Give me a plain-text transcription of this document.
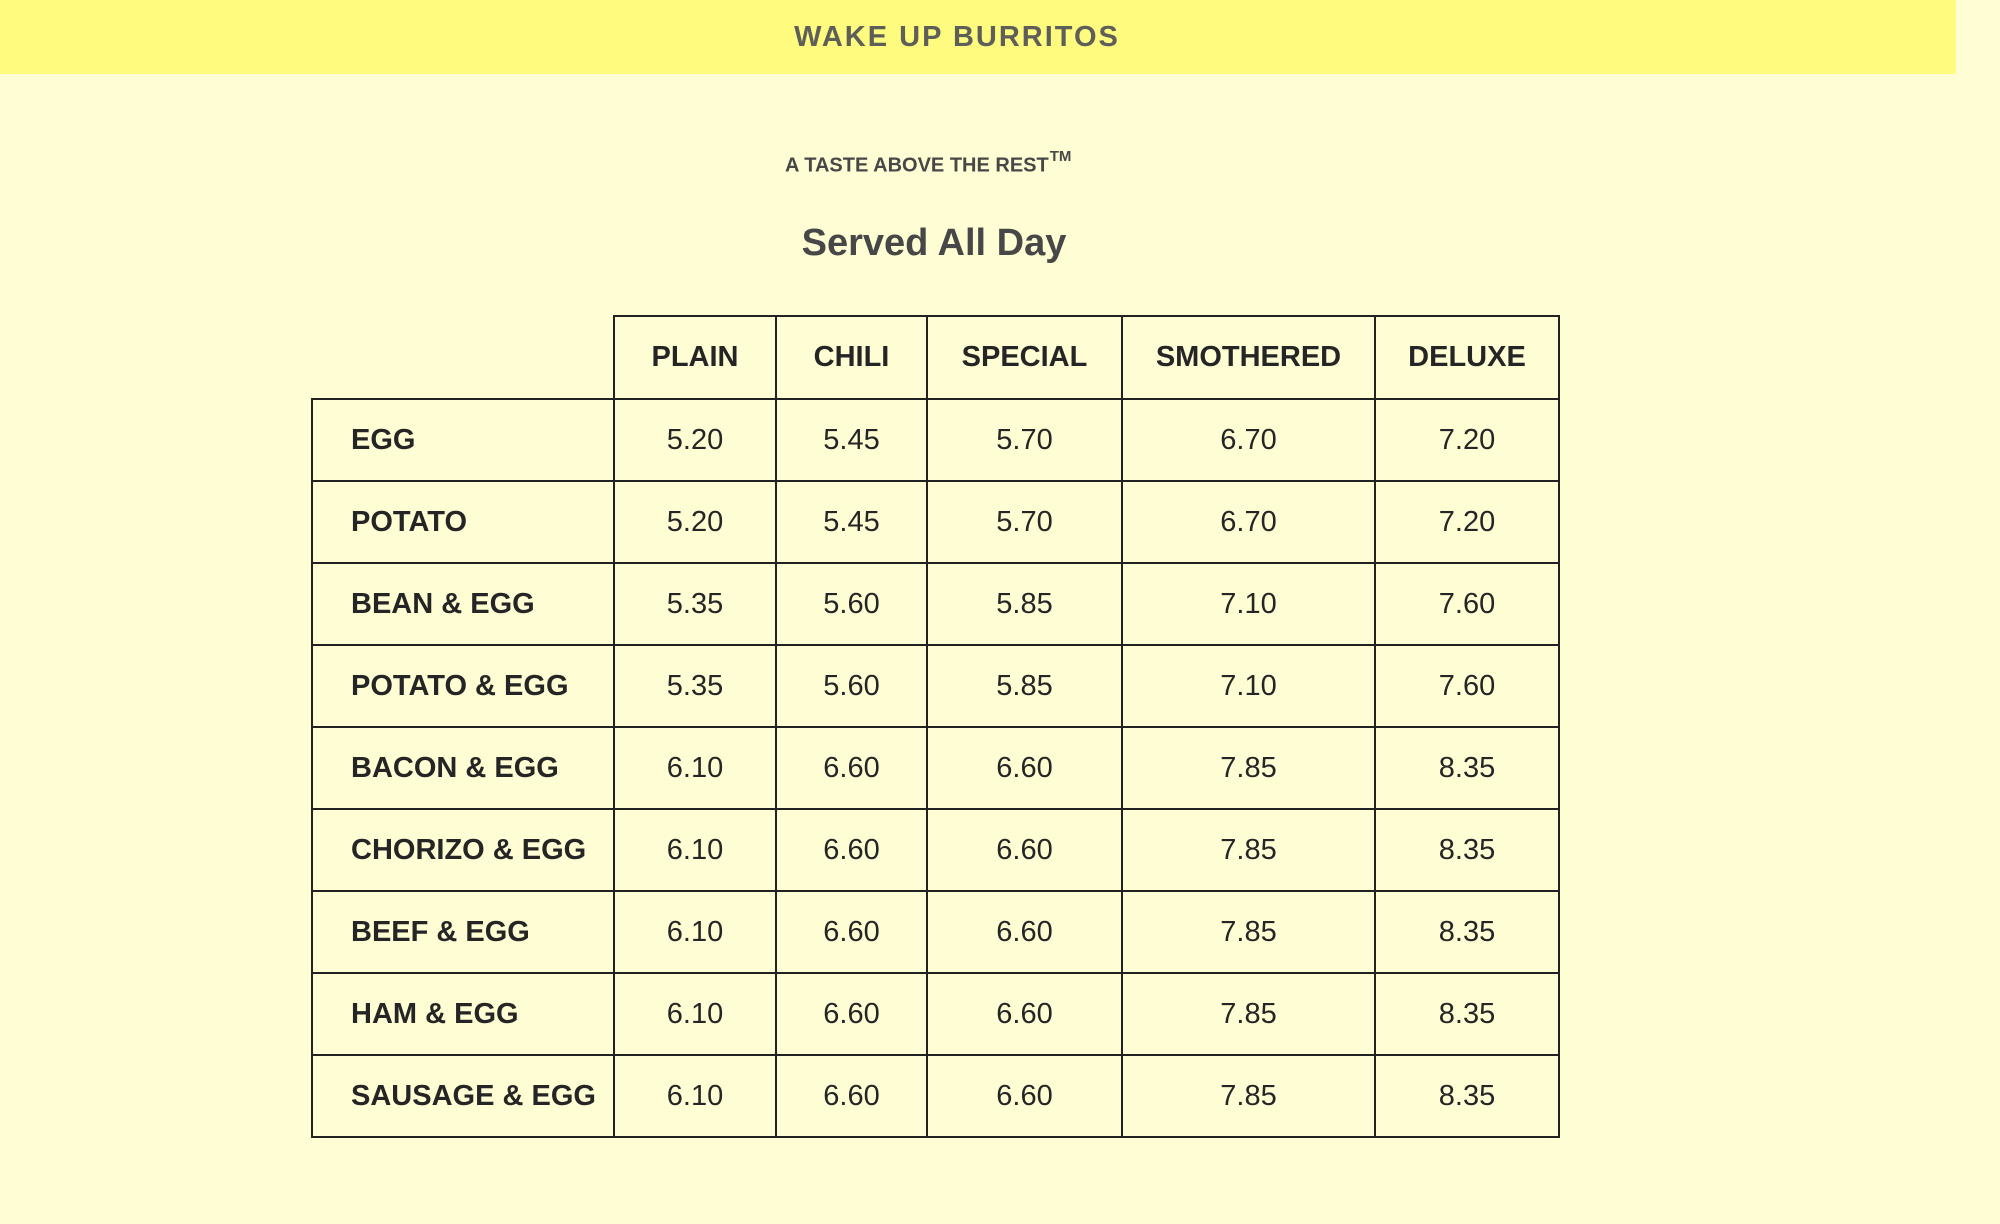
WAKE UP BURRITOS
A TASTE ABOVE THE REST™
Served All Day
	PLAIN	CHILI	SPECIAL	SMOTHERED	DELUXE
EGG	5.20	5.45	5.70	6.70	7.20
POTATO	5.20	5.45	5.70	6.70	7.20
BEAN & EGG	5.35	5.60	5.85	7.10	7.60
POTATO & EGG	5.35	5.60	5.85	7.10	7.60
BACON & EGG	6.10	6.60	6.60	7.85	8.35
CHORIZO & EGG	6.10	6.60	6.60	7.85	8.35
BEEF & EGG	6.10	6.60	6.60	7.85	8.35
HAM & EGG	6.10	6.60	6.60	7.85	8.35
SAUSAGE & EGG	6.10	6.60	6.60	7.85	8.35
